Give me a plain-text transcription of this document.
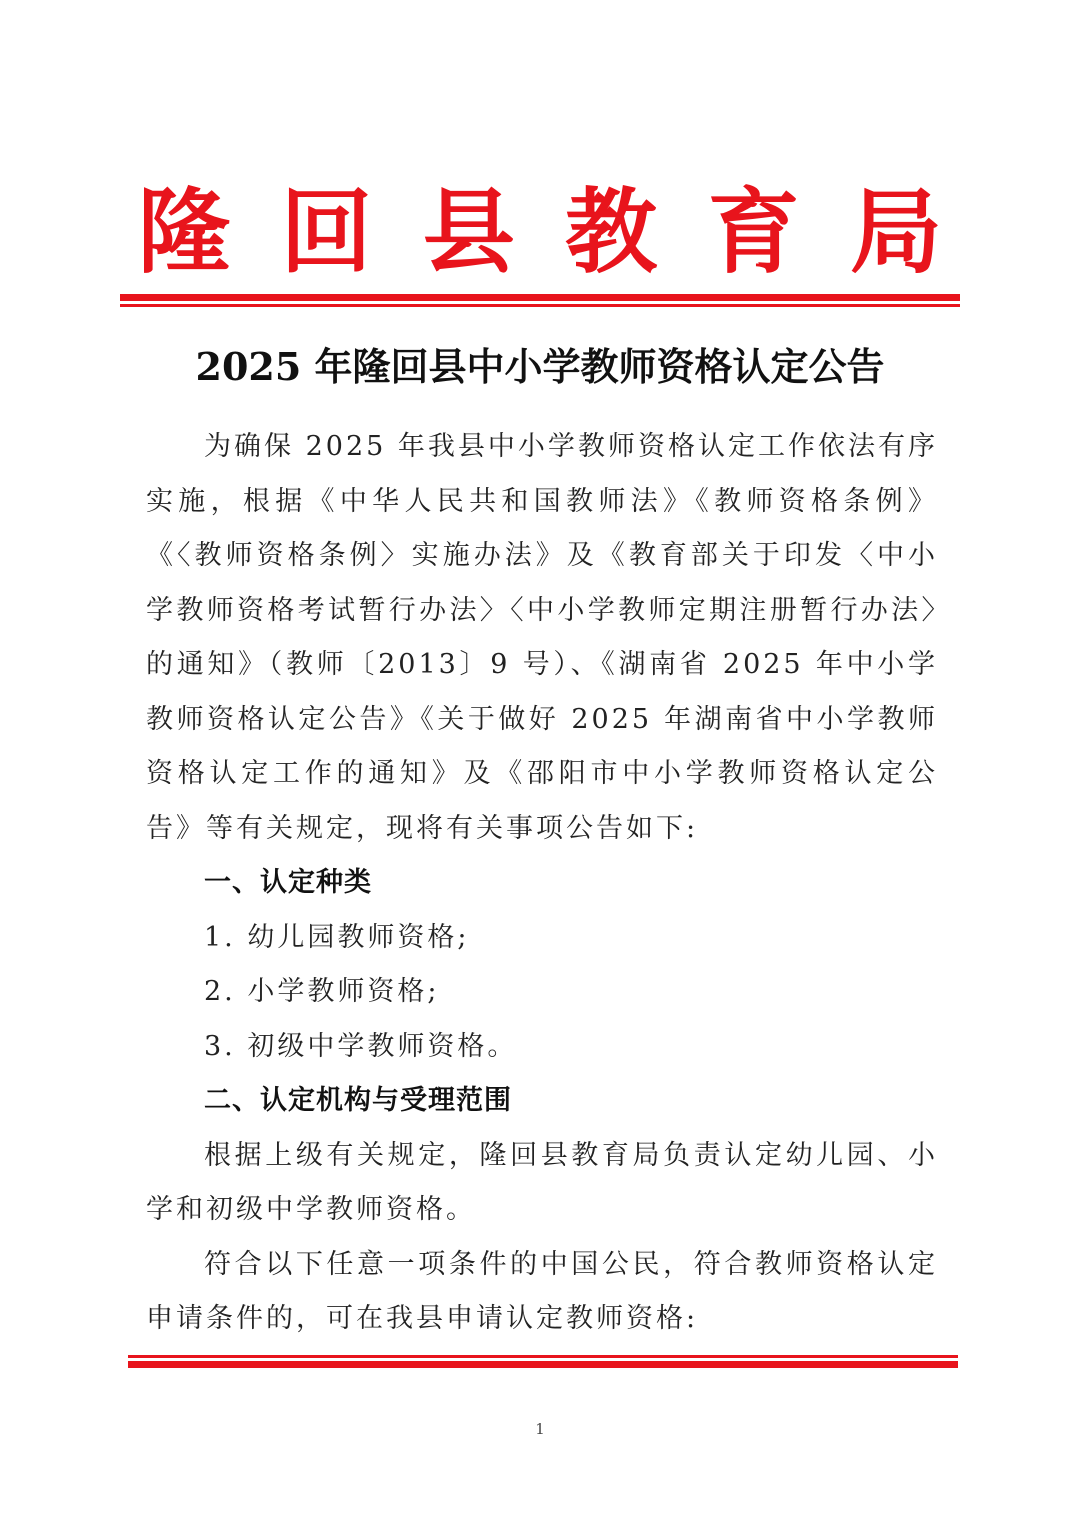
隆 回 县 教 育 局
2025 年隆回县中小学教师资格认定公告

为确保 2025 年我县中小学教师资格认定工作依法有序实施，根据《中华人民共和国教师法》《教师资格条例》《〈教师资格条例〉实施办法》及《教育部关于印发〈中小学教师资格考试暂行办法〉〈中小学教师定期注册暂行办法〉的通知》（教师〔2013〕9 号）、《湖南省 2025 年中小学教师资格认定公告》《关于做好 2025 年湖南省中小学教师资格认定工作的通知》及《邵阳市中小学教师资格认定公告》等有关规定，现将有关事项公告如下:

一、认定种类

1. 幼儿园教师资格;

2. 小学教师资格;

3. 初级中学教师资格。

二、认定机构与受理范围

根据上级有关规定，隆回县教育局负责认定幼儿园、小学和初级中学教师资格。

符合以下任意一项条件的中国公民，符合教师资格认定申请条件的，可在我县申请认定教师资格:

1
